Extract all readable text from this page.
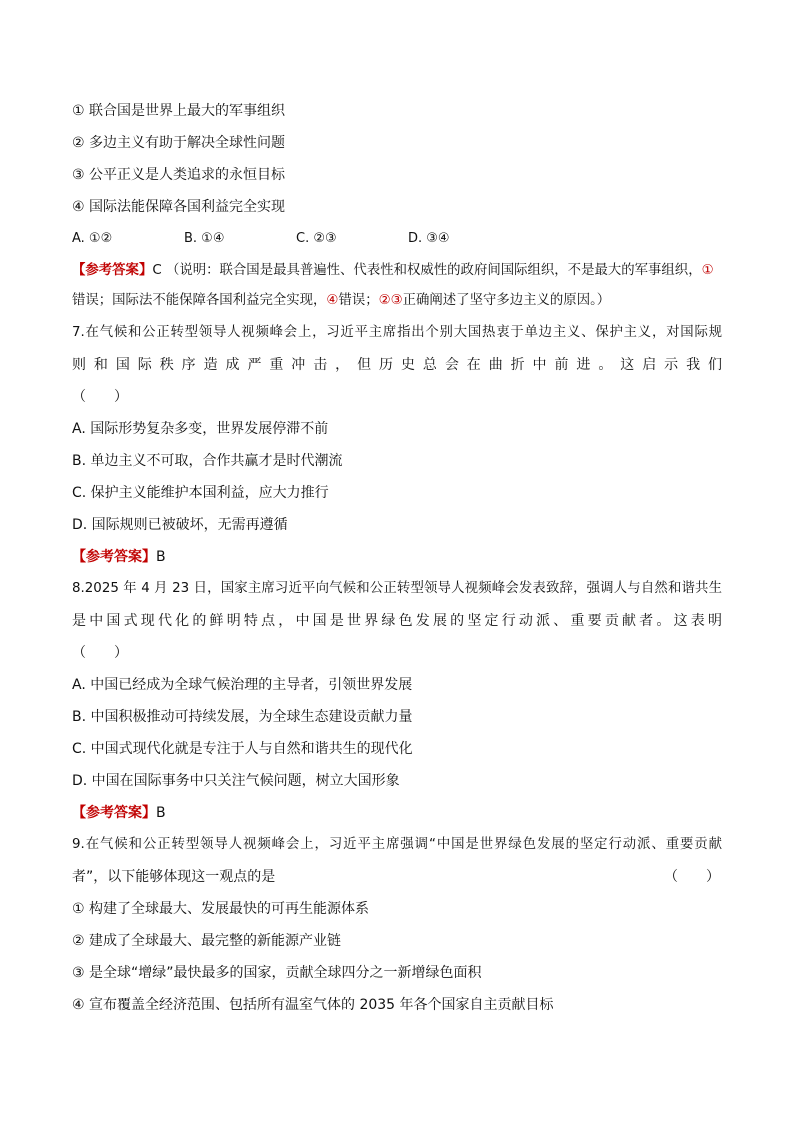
① 联合国是世界上最大的军事组织
② 多边主义有助于解决全球性问题
③ 公平正义是人类追求的永恒目标
④ 国际法能保障各国利益完全实现
A. ①②	B. ①④	C. ②③	D. ③④
【参考答案】C （说明：联合国是最具普遍性、代表性和权威性的政府间国际组织，不是最大的军事组织，①
错误；国际法不能保障各国利益完全实现，④错误；②③正确阐述了坚守多边主义的原因。）
7.在气候和公正转型领导人视频峰会上，习近平主席指出个别大国热衷于单边主义、保护主义，对国际规
则和国际秩序造成严重冲击，但历史总会在曲折中前进。这启示我们
（　　）
A. 国际形势复杂多变，世界发展停滞不前
B. 单边主义不可取，合作共赢才是时代潮流
C. 保护主义能维护本国利益，应大力推行
D. 国际规则已被破坏，无需再遵循
【参考答案】B
8.2025 年 4 月 23 日，国家主席习近平向气候和公正转型领导人视频峰会发表致辞，强调人与自然和谐共生
是中国式现代化的鲜明特点，中国是世界绿色发展的坚定行动派、重要贡献者。这表明
（　　）
A. 中国已经成为全球气候治理的主导者，引领世界发展
B. 中国积极推动可持续发展，为全球生态建设贡献力量
C. 中国式现代化就是专注于人与自然和谐共生的现代化
D. 中国在国际事务中只关注气候问题，树立大国形象
【参考答案】B
9.在气候和公正转型领导人视频峰会上，习近平主席强调“中国是世界绿色发展的坚定行动派、重要贡献
者”，以下能够体现这一观点的是	（　　）
① 构建了全球最大、发展最快的可再生能源体系
② 建成了全球最大、最完整的新能源产业链
③ 是全球“增绿”最快最多的国家，贡献全球四分之一新增绿色面积
④ 宣布覆盖全经济范围、包括所有温室气体的 2035 年各个国家自主贡献目标
